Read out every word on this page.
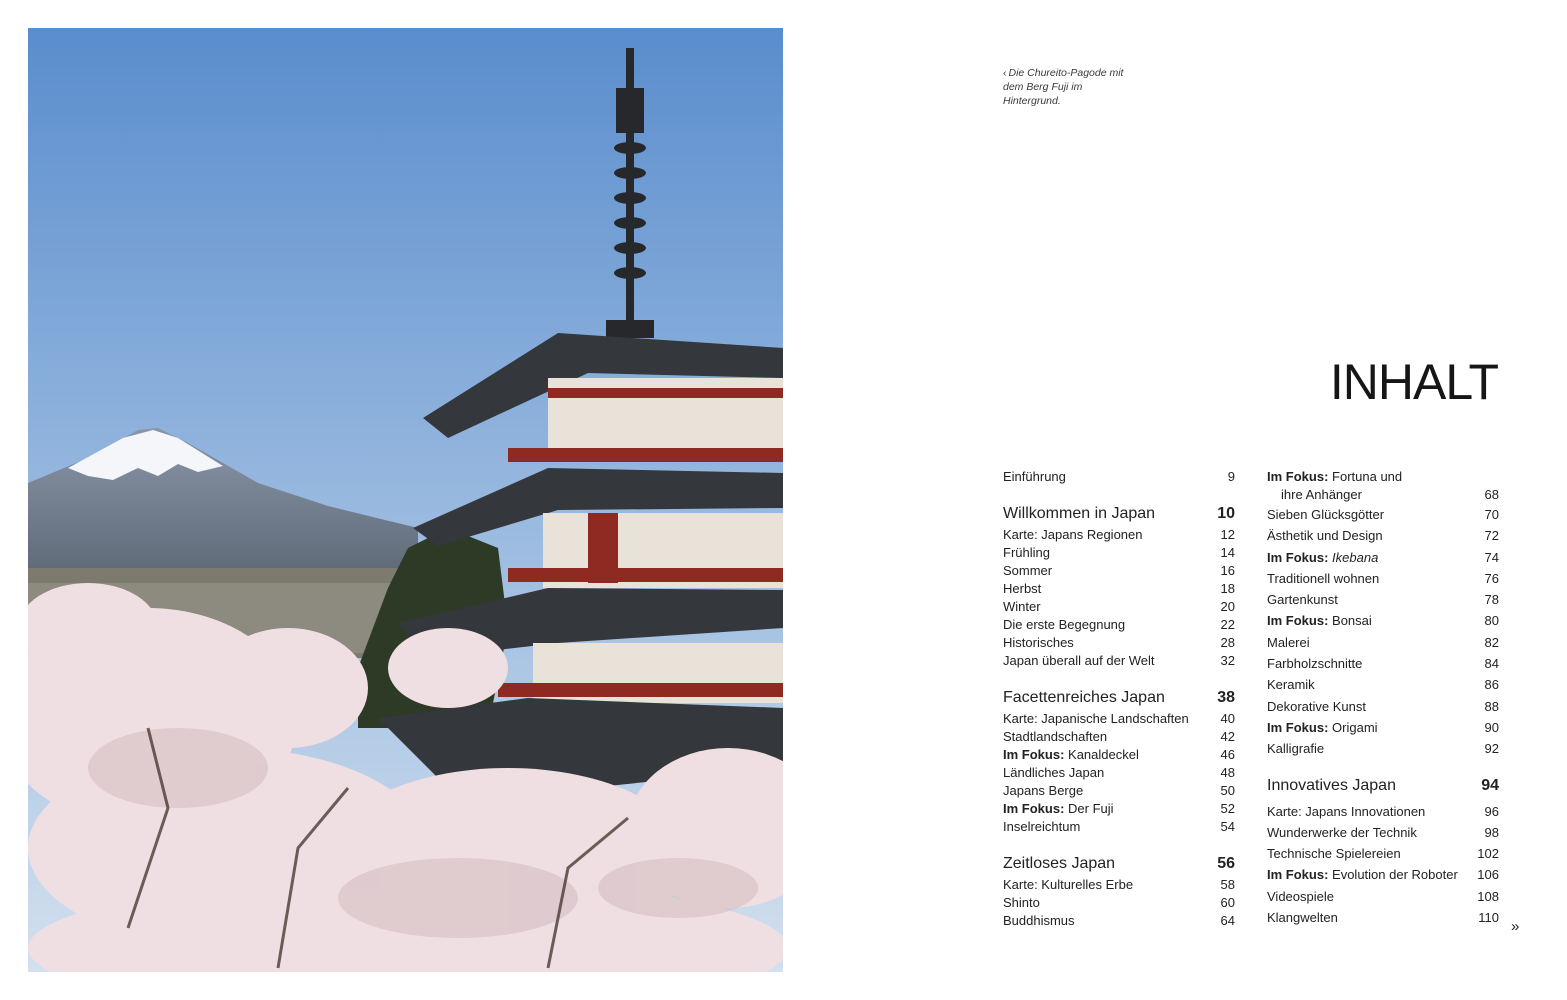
‹ Die Chureito-Pagode mit dem Berg Fuji im Hintergrund.
INHALT
Einführung	9
Willkommen in Japan	10
Karte: Japans Regionen	12
Frühling	14
Sommer	16
Herbst	18
Winter	20
Die erste Begegnung	22
Historisches	28
Japan überall auf der Welt	32
Facettenreiches Japan	38
Karte: Japanische Landschaften 40
Stadtlandschaften	42
Im Fokus: Kanaldeckel	46
Ländliches Japan	48
Japans Berge	50
Im Fokus: Der Fuji	52
Inselreichtum	54
Zeitloses Japan	56
Karte: Kulturelles Erbe	58
Shinto	60
Buddhismus	64
Im Fokus: Fortuna und
ihre Anhänger	68
Sieben Glücksgötter	70
Ästhetik und Design	72
Im Fokus: Ikebana	74
Traditionell wohnen	76
Gartenkunst	78
Im Fokus: Bonsai	80
Malerei	82
Farbholzschnitte	84
Keramik	86
Dekorative Kunst	88
Im Fokus: Origami	90
Kalligrafie	92
Innovatives Japan	94
Karte: Japans Innovationen	96
Wunderwerke der Technik	98
Technische Spielereien	102
Im Fokus: Evolution der Roboter 106
Videospiele	108
Klangwelten	110
»
